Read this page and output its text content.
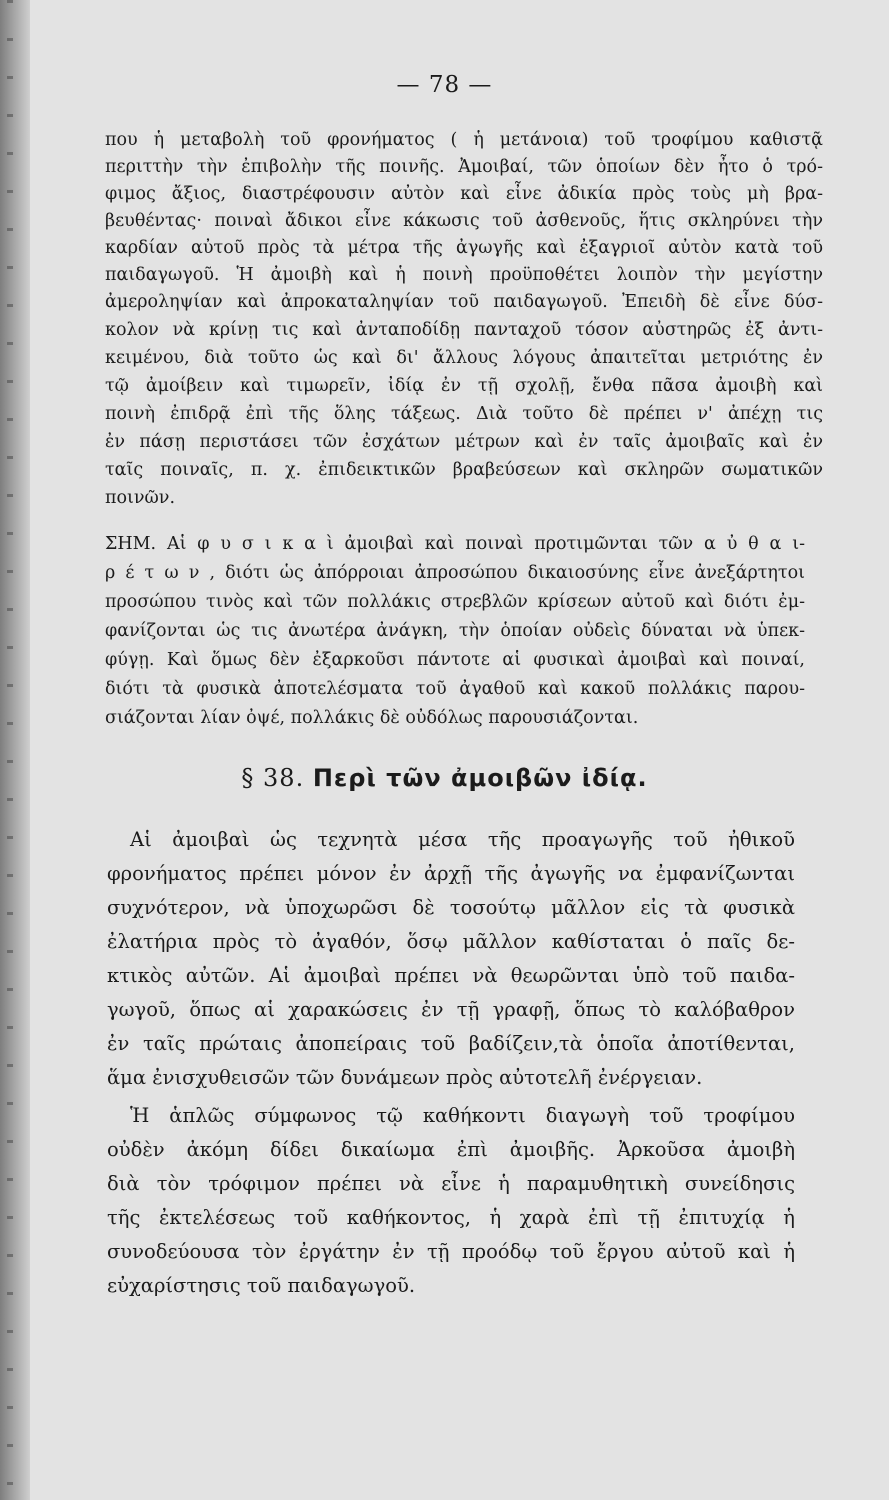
— 78 —
που ἡ μεταβολὴ τοῦ φρονήματος ( ἡ μετάνοια) τοῦ τροφίμου καθιστᾷ
περιττὴν τὴν ἐπιβολὴν τῆς ποινῆς. Ἀμοιβαί, τῶν ὁποίων δὲν ἦτο ὁ τρό-
φιμος ἄξιος, διαστρέφουσιν αὐτὸν καὶ εἶνε ἀδικία πρὸς τοὺς μὴ βρα-
βευθέντας· ποιναὶ ἄδικοι εἶνε κάκωσις τοῦ ἀσθενοῦς, ἥτις σκληρύνει τὴν
καρδίαν αὐτοῦ πρὸς τὰ μέτρα τῆς ἀγωγῆς καὶ ἐξαγριοῖ αὐτὸν κατὰ τοῦ
παιδαγωγοῦ. Ἡ ἀμοιβὴ καὶ ἡ ποινὴ προϋποθέτει λοιπὸν τὴν μεγίστην
ἀμεροληψίαν καὶ ἀπροκαταληψίαν τοῦ παιδαγωγοῦ. Ἐπειδὴ δὲ εἶνε δύσ-
κολον νὰ κρίνῃ τις καὶ ἀνταποδίδῃ πανταχοῦ τόσον αὐστηρῶς ἐξ ἀντι-
κειμένου, διὰ τοῦτο ὡς καὶ δι' ἄλλους λόγους ἀπαιτεῖται μετριότης ἐν
τῷ ἀμοίβειν καὶ τιμωρεῖν, ἰδίᾳ ἐν τῇ σχολῇ, ἔνθα πᾶσα ἀμοιβὴ καὶ
ποινὴ ἐπιδρᾷ ἐπὶ τῆς ὅλης τάξεως. Διὰ τοῦτο δὲ πρέπει ν' ἀπέχῃ τις
ἐν πάσῃ περιστάσει τῶν ἐσχάτων μέτρων καὶ ἐν ταῖς ἀμοιβαῖς καὶ ἐν
ταῖς ποιναῖς, π. χ. ἐπιδεικτικῶν βραβεύσεων καὶ σκληρῶν σωματικῶν
ποινῶν.
ΣΗΜ. Αἱ φ υ σ ι κ α ὶ ἀμοιβαὶ καὶ ποιναὶ προτιμῶνται τῶν α ὐ θ α ι-
ρ έ τ ω ν , διότι ὡς ἀπόρροιαι ἀπροσώπου δικαιοσύνης εἶνε ἀνεξάρτητοι
προσώπου τινὸς καὶ τῶν πολλάκις στρεβλῶν κρίσεων αὐτοῦ καὶ διότι ἐμ-
φανίζονται ὡς τις ἀνωτέρα ἀνάγκη, τὴν ὁποίαν οὐδεὶς δύναται νὰ ὑπεκ-
φύγῃ. Καὶ ὅμως δὲν ἐξαρκοῦσι πάντοτε αἱ φυσικαὶ ἀμοιβαὶ καὶ ποιναί,
διότι τὰ φυσικὰ ἀποτελέσματα τοῦ ἀγαθοῦ καὶ κακοῦ πολλάκις παρου-
σιάζονται λίαν ὀψέ, πολλάκις δὲ οὐδόλως παρουσιάζονται.
§ 38. Περὶ τῶν ἀμοιβῶν ἰδίᾳ.
Αἱ ἀμοιβαὶ ὡς τεχνητὰ μέσα τῆς προαγωγῆς τοῦ ἠθικοῦ
φρονήματος πρέπει μόνον ἐν ἀρχῇ τῆς ἀγωγῆς να ἐμφανίζωνται
συχνότερον, νὰ ὑποχωρῶσι δὲ τοσούτῳ μᾶλλον εἰς τὰ φυσικὰ
ἐλατήρια πρὸς τὸ ἀγαθόν, ὅσῳ μᾶλλον καθίσταται ὁ παῖς δε-
κτικὸς αὐτῶν. Αἱ ἀμοιβαὶ πρέπει νὰ θεωρῶνται ὑπὸ τοῦ παιδα-
γωγοῦ, ὅπως αἱ χαρακώσεις ἐν τῇ γραφῇ, ὅπως τὸ καλόβαθρον
ἐν ταῖς πρώταις ἀποπείραις τοῦ βαδίζειν,τὰ ὁποῖα ἀποτίθενται,
ἅμα ἐνισχυθεισῶν τῶν δυνάμεων πρὸς αὐτοτελῆ ἐνέργειαν.
Ἡ ἁπλῶς σύμφωνος τῷ καθήκοντι διαγωγὴ τοῦ τροφίμου
οὐδὲν ἀκόμη δίδει δικαίωμα ἐπὶ ἀμοιβῆς. Ἀρκοῦσα ἀμοιβὴ
διὰ τὸν τρόφιμον πρέπει νὰ εἶνε ἡ παραμυθητικὴ συνείδησις
τῆς ἐκτελέσεως τοῦ καθήκοντος, ἡ χαρὰ ἐπὶ τῇ ἐπιτυχίᾳ ἡ
συνοδεύουσα τὸν ἐργάτην ἐν τῇ προόδῳ τοῦ ἔργου αὐτοῦ καὶ ἡ
εὐχαρίστησις τοῦ παιδαγωγοῦ.
